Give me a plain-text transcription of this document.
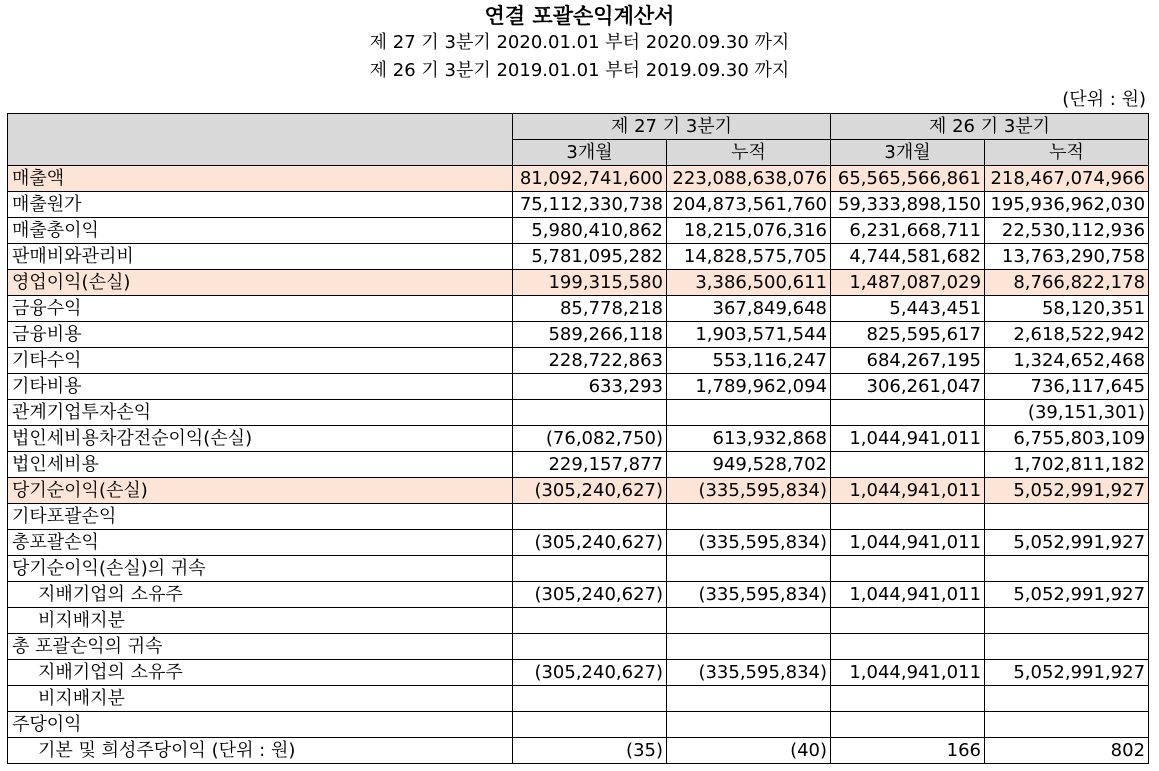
연결 포괄손익계산서
제 27 기 3분기 2020.01.01 부터 2020.09.30 까지
제 26 기 3분기 2019.01.01 부터 2019.09.30 까지
(단위 : 원)
	제 27 기 3분기		제 26 기 3분기	
	3개월	누적	3개월	누적
매출액	81,092,741,600	223,088,638,076	65,565,566,861	218,467,074,966
매출원가	75,112,330,738	204,873,561,760	59,333,898,150	195,936,962,030
매출총이익	5,980,410,862	18,215,076,316	6,231,668,711	22,530,112,936
판매비와관리비	5,781,095,282	14,828,575,705	4,744,581,682	13,763,290,758
영업이익(손실)	199,315,580	3,386,500,611	1,487,087,029	8,766,822,178
금융수익	85,778,218	367,849,648	5,443,451	58,120,351
금융비용	589,266,118	1,903,571,544	825,595,617	2,618,522,942
기타수익	228,722,863	553,116,247	684,267,195	1,324,652,468
기타비용	633,293	1,789,962,094	306,261,047	736,117,645
관계기업투자손익				(39,151,301)
법인세비용차감전순이익(손실)	(76,082,750)	613,932,868	1,044,941,011	6,755,803,109
법인세비용	229,157,877	949,528,702		1,702,811,182
당기순이익(손실)	(305,240,627)	(335,595,834)	1,044,941,011	5,052,991,927
기타포괄손익				
총포괄손익	(305,240,627)	(335,595,834)	1,044,941,011	5,052,991,927
당기순이익(손실)의 귀속				
지배기업의 소유주	(305,240,627)	(335,595,834)	1,044,941,011	5,052,991,927
비지배지분				
총 포괄손익의 귀속				
지배기업의 소유주	(305,240,627)	(335,595,834)	1,044,941,011	5,052,991,927
비지배지분				
주당이익				
기본 및 희성주당이익 (단위 : 원)	(35)	(40)	166	802
